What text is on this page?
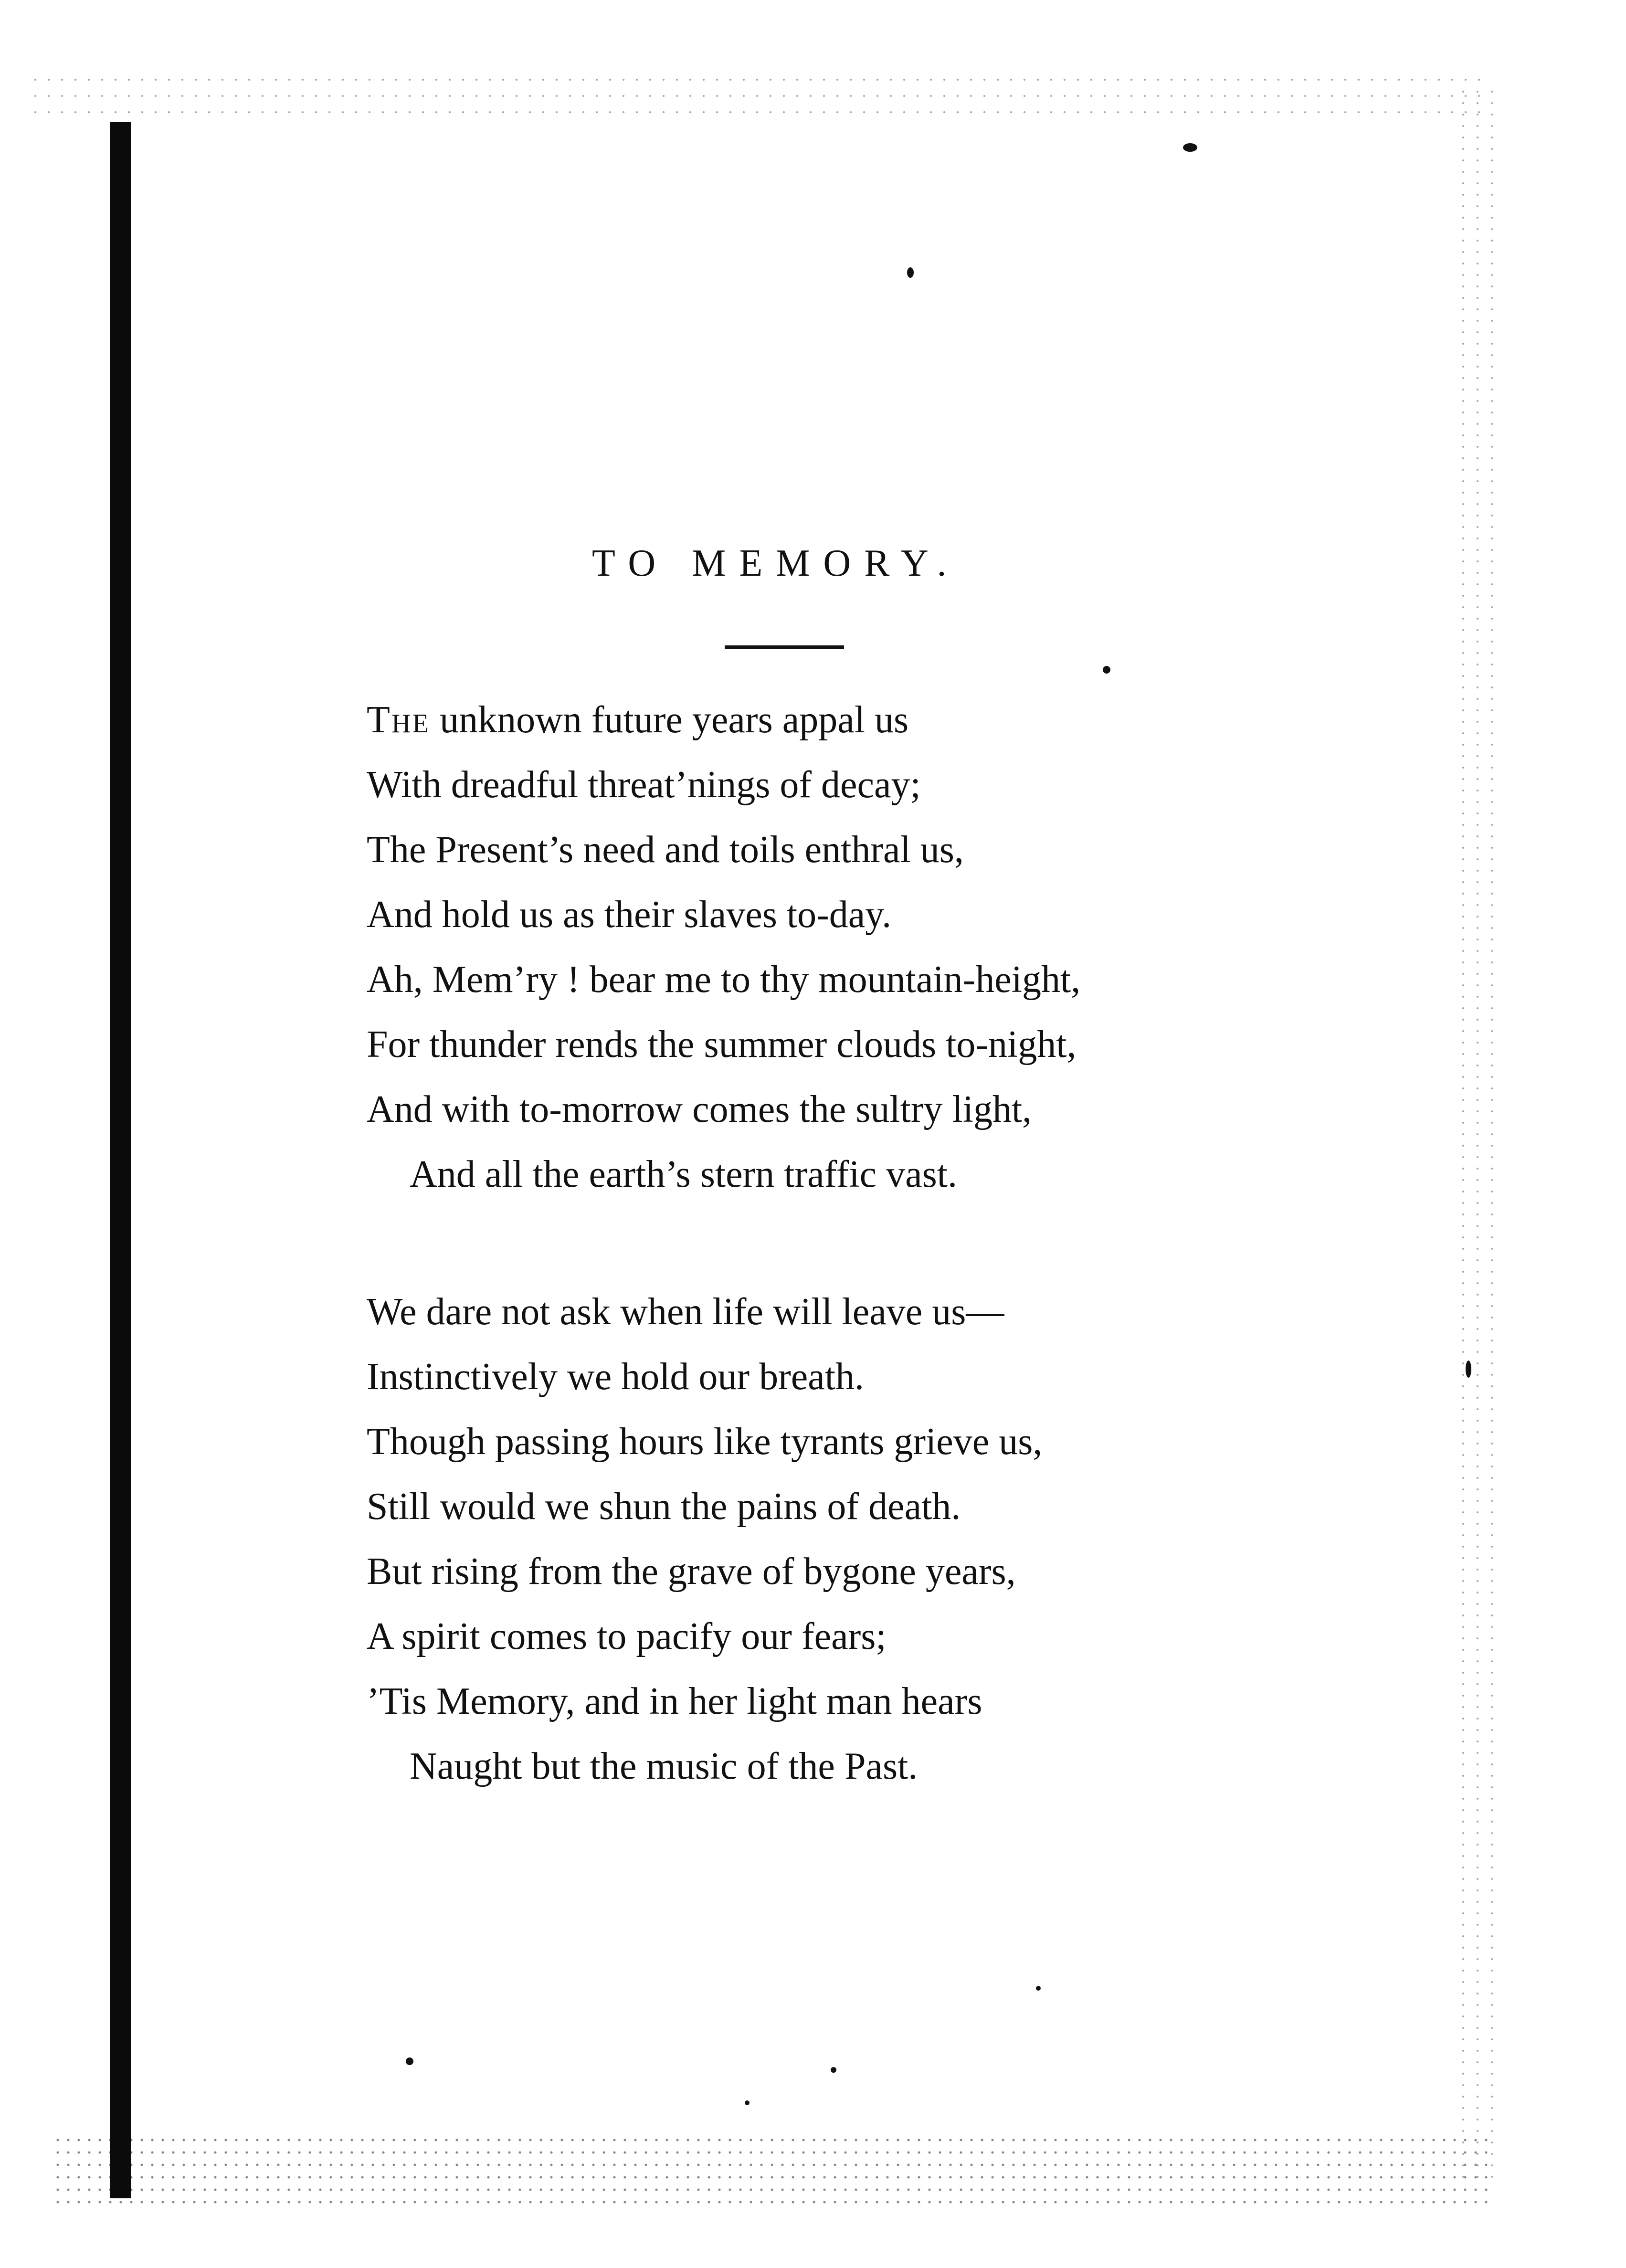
TO MEMORY.
The unknown future years appal us
With dreadful threat’nings of decay;
The Present’s need and toils enthral us,
And hold us as their slaves to-day.
Ah, Mem’ry ! bear me to thy mountain-height,
For thunder rends the summer clouds to-night,
And with to-morrow comes the sultry light,
And all the earth’s stern traffic vast.
We dare not ask when life will leave us—
Instinctively we hold our breath.
Though passing hours like tyrants grieve us,
Still would we shun the pains of death.
But rising from the grave of bygone years,
A spirit comes to pacify our fears;
’Tis Memory, and in her light man hears
Naught but the music of the Past.
